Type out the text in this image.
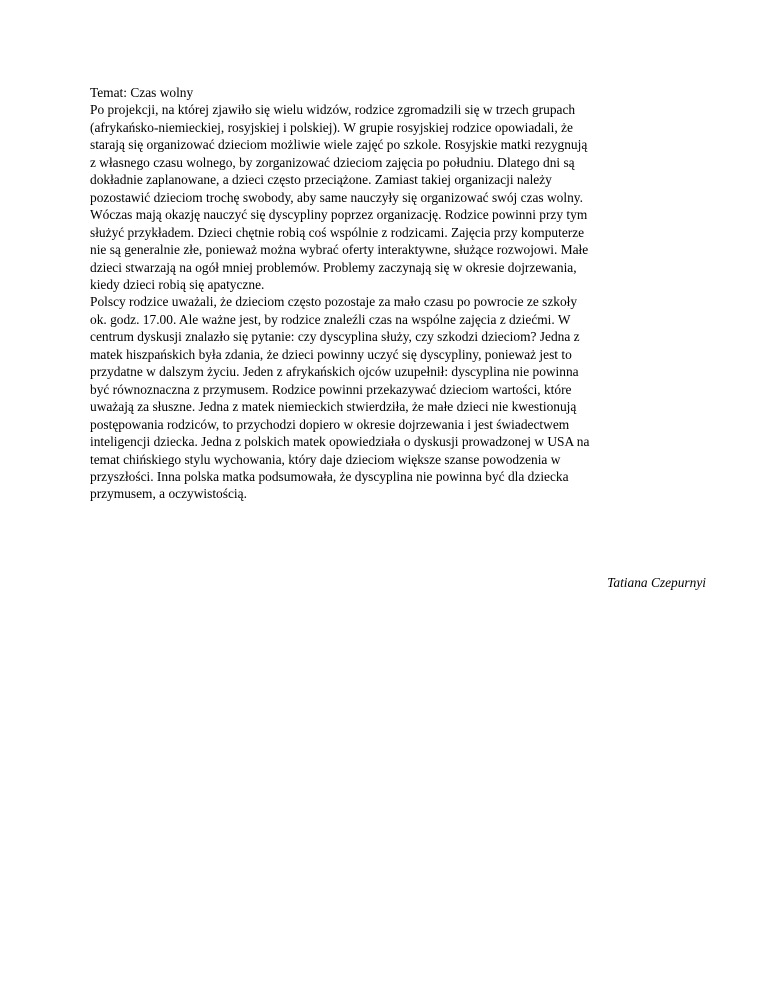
Temat: Czas wolny
Po projekcji, na której zjawiło się wielu widzów, rodzice zgromadzili się w trzech grupach
(afrykańsko-niemieckiej, rosyjskiej i polskiej). W grupie rosyjskiej rodzice opowiadali, że
starają się organizować dzieciom możliwie wiele zajęć po szkole. Rosyjskie matki rezygnują
z własnego czasu wolnego, by zorganizować dzieciom zajęcia po południu. Dlatego dni są
dokładnie zaplanowane, a dzieci często przeciążone. Zamiast takiej organizacji należy
pozostawić dzieciom trochę swobody, aby same nauczyły się organizować swój czas wolny.
Wóczas mają okazję nauczyć się dyscypliny poprzez organizację. Rodzice powinni przy tym
służyć przykładem. Dzieci chętnie robią coś wspólnie z rodzicami. Zajęcia przy komputerze
nie są generalnie złe, ponieważ można wybrać oferty interaktywne, służące rozwojowi. Małe
dzieci stwarzają na ogół mniej problemów. Problemy zaczynają się w okresie dojrzewania,
kiedy dzieci robią się apatyczne.
Polscy rodzice uważali, że dzieciom często pozostaje za mało czasu po powrocie ze szkoły
ok. godz. 17.00. Ale ważne jest, by rodzice znaleźli czas na wspólne zajęcia z dziećmi. W
centrum dyskusji znalazło się pytanie: czy dyscyplina służy, czy szkodzi dzieciom? Jedna z
matek hiszpańskich była zdania, że dzieci powinny uczyć się dyscypliny, ponieważ jest to
przydatne w dalszym życiu. Jeden z afrykańskich ojców uzupełnił: dyscyplina nie powinna
być równoznaczna z przymusem. Rodzice powinni przekazywać dzieciom wartości, które
uważają za słuszne. Jedna z matek niemieckich stwierdziła, że małe dzieci nie kwestionują
postępowania rodziców, to przychodzi dopiero w okresie dojrzewania i jest świadectwem
inteligencji dziecka. Jedna z polskich matek opowiedziała o dyskusji prowadzonej w USA na
temat chińskiego stylu wychowania, który daje dzieciom większe szanse powodzenia w
przyszłości. Inna polska matka podsumowała, że dyscyplina nie powinna być dla dziecka
przymusem, a oczywistością.
Tatiana Czepurnyi
